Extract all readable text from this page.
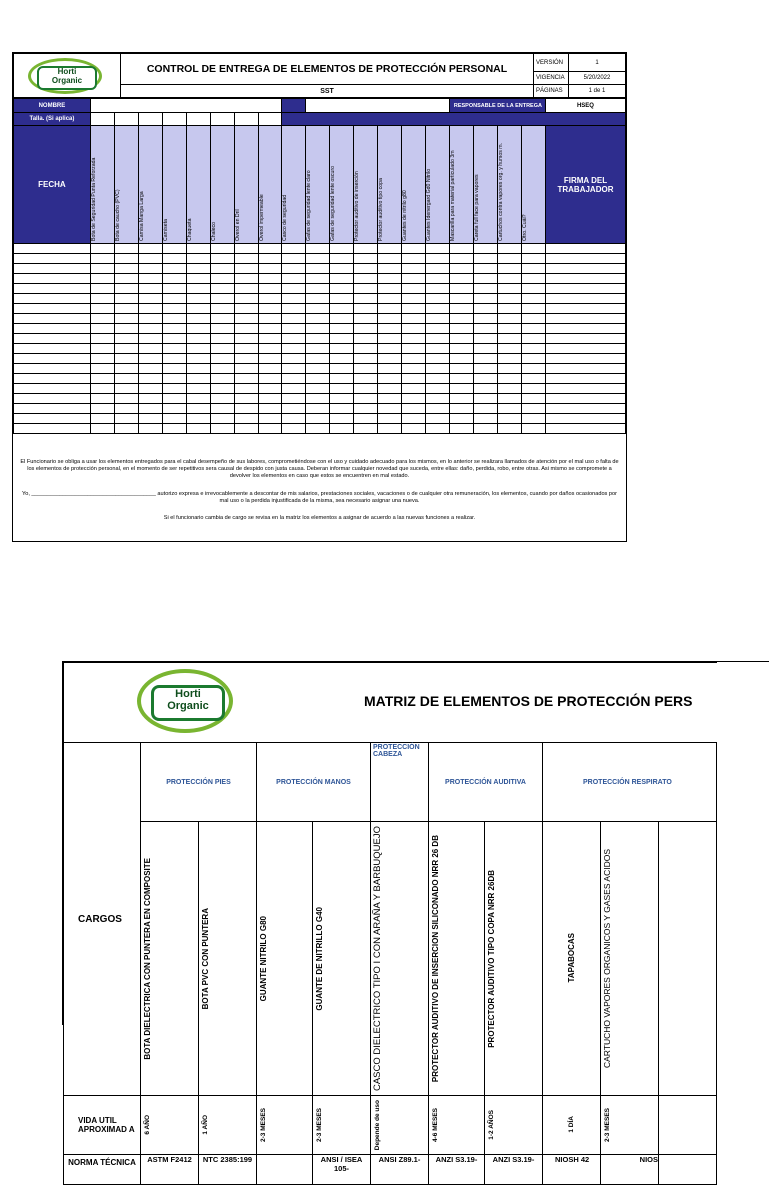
Horti
Organic	CONTROL DE ENTREGA DE ELEMENTOS DE PROTECCIÓN PERSONAL	VERSIÓN	1
		VIGENCIA	5/20/2022
	SST	PÁGINAS	1 de 1
NOMBRE																RESPONSABLE DE LA ENTREGA				HSEQ
Talla. (Si aplica)																				
FECHA	Bota de Seguridad Punta Reforzada	Bota de caucho (PVC)	Camisa Manga Larga	Camiseta	Chaqueta	Chaleco	Overol en Dril	Overol impermeable	Casco de seguridad	Gafas de seguridad lente claro	Gafas de seguridad lente oscuro	Protector auditivo de inserción	Protector auditivo tipo copa	Guantes de nitrilo g80	Guantes Idenergard Gd0 Nitrilo	Mascarilla para material particulado 3m	Careta full face para vapores	Cartuchos contra vapores org. y humos m.	Otro. Cuál?	FIRMA DEL TRABAJADOR

El Funcionario se obliga a usar los elementos entregados para el cabal desempeño de sus labores, comprometiéndose con el uso y cuidado adecuado para los mismos, en lo anterior se realizara llamados de atención por el mal uso o falta de los elementos de protección personal, en el momento de ser repetitivos sera causal de despido con justa causa. Deberan informar cualquier novedad que suceda, entre ellas: daño, perdida, robo, entre otras. Asi mismo se compromete a devolver los elementos en caso que estos se encuentren en mal estado.
Yo, ________________________________________ autorizo expresa e irrevocablemente a descontar de mis salarios, prestaciones sociales, vacaciones o de cualquier otra remuneración, los elementos, cuando por daños ocasionados por mal uso o la perdida injustificada de la misma, sea necesario asignar una nueva.
Si el funcionario cambia de cargo se revisa en la matriz los elementos a asignar de acuerdo a las nuevas funciones a realizar.
Horti
Organic MATRIZ DE ELEMENTOS DE PROTECCIÓN PERS										

CARGOS	PROTECCIÓN PIES		PROTECCIÓN MANOS		PROTECCIÓN CABEZA	PROTECCIÓN AUDITIVA		PROTECCIÓN RESPIRATO		

	BOTA DIELECTRICA CON PUNTERA EN COMPOSITE	BOTA PVC CON PUNTERA	GUANTE NITRILO G80	GUANTE DE NITRILLO G40	CASCO DIELECTRICO TIPO I CON ARAÑA Y BARBUQUEJO	PROTECTOR AUDITIVO DE INSERCION SILICONADO NRR 26 DB	PROTECTOR AUDITIVO TIPO COPA NRR 26DB	TAPABOCAS	CARTUCHO VAPORES ORGANICOS Y GASES ACIDOS	

VIDA UTIL APROXIMAD A	6 AÑO	1 AÑO	2-3 MESES	2-3 MESES	Depende de uso	4-6 MESES	1-2 AÑOS	1 DÍA	2-3 MESES	

NORMA TÉCNICA	ASTM F2412	NTC 2385:199		ANSI / ISEA 105-	ANSI Z89.1-	ANZI S3.19-	ANZI S3.19-	NIOSH 42	NIOS	
